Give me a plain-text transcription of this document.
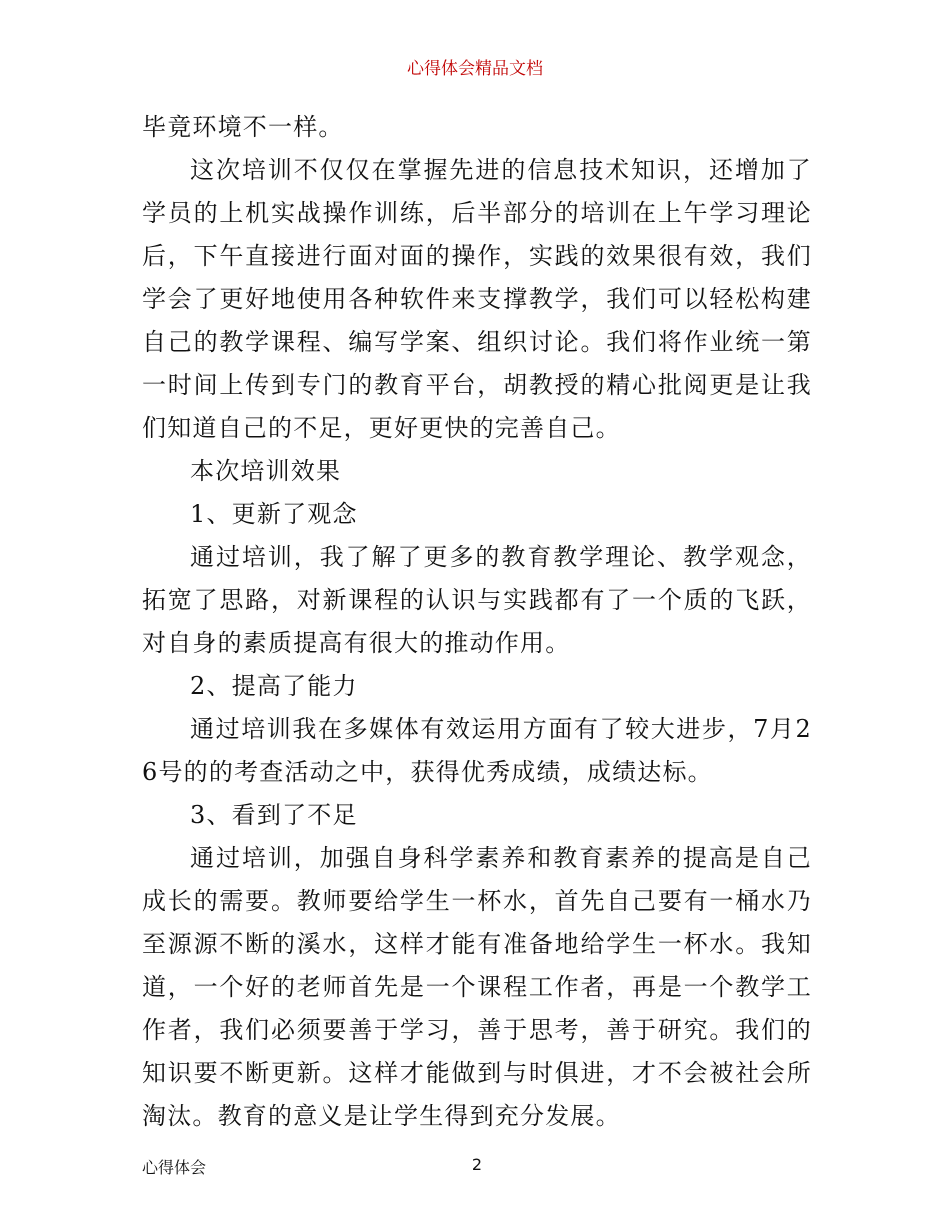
心得体会精品文档

毕竟环境不一样。

这次培训不仅仅在掌握先进的信息技术知识，还增加了学员的上机实战操作训练，后半部分的培训在上午学习理论后，下午直接进行面对面的操作，实践的效果很有效，我们学会了更好地使用各种软件来支撑教学，我们可以轻松构建自己的教学课程、编写学案、组织讨论。我们将作业统一第一时间上传到专门的教育平台，胡教授的精心批阅更是让我们知道自己的不足，更好更快的完善自己。

本次培训效果

1、更新了观念

通过培训，我了解了更多的教育教学理论、教学观念，拓宽了思路，对新课程的认识与实践都有了一个质的飞跃，对自身的素质提高有很大的推动作用。

2、提高了能力

通过培训我在多媒体有效运用方面有了较大进步，7月26号的的考查活动之中，获得优秀成绩，成绩达标。

3、看到了不足

通过培训，加强自身科学素养和教育素养的提高是自己成长的需要。教师要给学生一杯水，首先自己要有一桶水乃至源源不断的溪水，这样才能有准备地给学生一杯水。我知道，一个好的老师首先是一个课程工作者，再是一个教学工作者，我们必须要善于学习，善于思考，善于研究。我们的知识要不断更新。这样才能做到与时俱进，才不会被社会所淘汰。教育的意义是让学生得到充分发展。

心得体会	2
